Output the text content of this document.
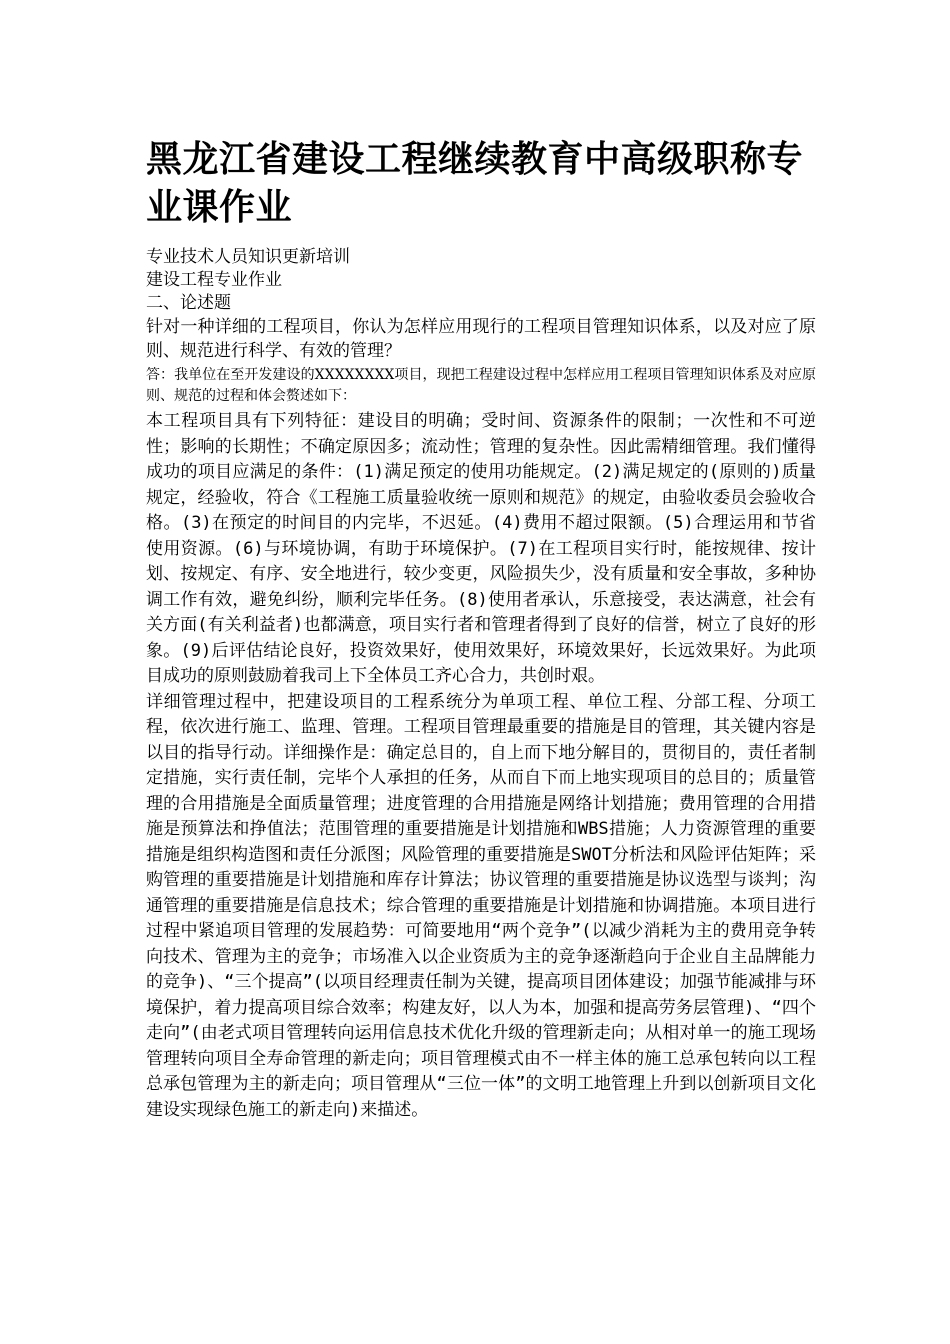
黑龙江省建设工程继续教育中高级职称专业课作业

专业技术人员知识更新培训

建设工程专业作业

二、论述题

针对一种详细的工程项目，你认为怎样应用现行的工程项目管理知识体系，以及对应了原则、规范进行科学、有效的管理？

答：我单位在至开发建设的XXXXXXXX项目，现把工程建设过程中怎样应用工程项目管理知识体系及对应原则、规范的过程和体会赘述如下：

本工程项目具有下列特征：建设目的明确；受时间、资源条件的限制；一次性和不可逆性；影响的长期性；不确定原因多；流动性；管理的复杂性。因此需精细管理。我们懂得成功的项目应满足的条件：(1)满足预定的使用功能规定。(2)满足规定的(原则的)质量规定，经验收，符合《工程施工质量验收统一原则和规范》的规定，由验收委员会验收合格。(3)在预定的时间目的内完毕，不迟延。(4)费用不超过限额。(5)合理运用和节省使用资源。(6)与环境协调，有助于环境保护。(7)在工程项目实行时，能按规律、按计划、按规定、有序、安全地进行，较少变更，风险损失少，没有质量和安全事故，多种协调工作有效，避免纠纷，顺利完毕任务。(8)使用者承认，乐意接受，表达满意，社会有关方面(有关利益者)也都满意，项目实行者和管理者得到了良好的信誉，树立了良好的形象。(9)后评估结论良好，投资效果好，使用效果好，环境效果好，长远效果好。为此项目成功的原则鼓励着我司上下全体员工齐心合力，共创时艰。

详细管理过程中，把建设项目的工程系统分为单项工程、单位工程、分部工程、分项工程，依次进行施工、监理、管理。工程项目管理最重要的措施是目的管理，其关键内容是以目的指导行动。详细操作是：确定总目的，自上而下地分解目的，贯彻目的，责任者制定措施，实行责任制，完毕个人承担的任务，从而自下而上地实现项目的总目的；质量管理的合用措施是全面质量管理；进度管理的合用措施是网络计划措施；费用管理的合用措施是预算法和挣值法；范围管理的重要措施是计划措施和WBS措施；人力资源管理的重要措施是组织构造图和责任分派图；风险管理的重要措施是SWOT分析法和风险评估矩阵；采购管理的重要措施是计划措施和库存计算法；协议管理的重要措施是协议选型与谈判；沟通管理的重要措施是信息技术；综合管理的重要措施是计划措施和协调措施。本项目进行过程中紧追项目管理的发展趋势：可简要地用“两个竞争”(以减少消耗为主的费用竞争转向技术、管理为主的竞争；市场准入以企业资质为主的竞争逐渐趋向于企业自主品牌能力的竞争)、“三个提高”(以项目经理责任制为关键，提高项目团体建设；加强节能减排与环境保护，着力提高项目综合效率；构建友好，以人为本，加强和提高劳务层管理)、“四个走向”(由老式项目管理转向运用信息技术优化升级的管理新走向；从相对单一的施工现场管理转向项目全寿命管理的新走向；项目管理模式由不一样主体的施工总承包转向以工程总承包管理为主的新走向；项目管理从“三位一体”的文明工地管理上升到以创新项目文化建设实现绿色施工的新走向)来描述。
